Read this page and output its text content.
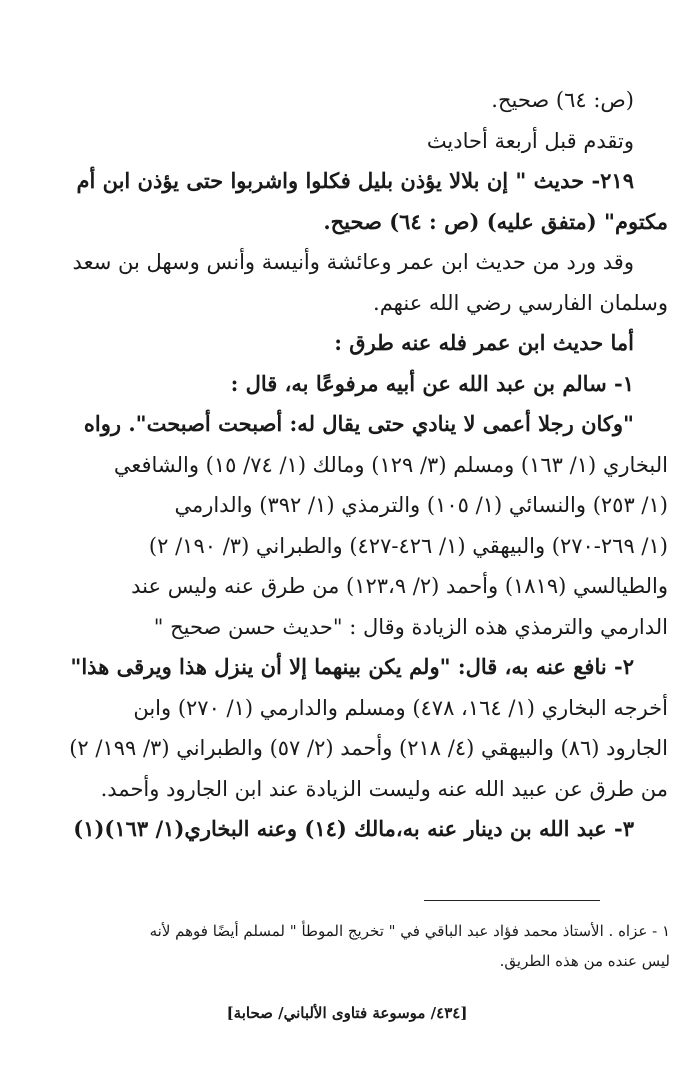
(ص: ٦٤) صحيح.

وتقدم قبل أربعة أحاديث

٢١٩- حديث " إن بلالا يؤذن بليل فكلوا واشربوا حتى يؤذن ابن أم

مكتوم" (متفق عليه) (ص : ٦٤) صحيح.

وقد ورد من حديث ابن عمر وعائشة وأنيسة وأنس وسهل بن سعد

وسلمان الفارسي رضي الله عنهم.

أما حديث ابن عمر فله عنه طرق :

١- سالم بن عبد الله عن أبيه مرفوعًا به، قال :

"وكان رجلا أعمى لا ينادي حتى يقال له: أصبحت أصبحت". رواه

البخاري (١/ ١٦٣) ومسلم (٣/ ١٢٩) ومالك (١/ ٧٤/ ١٥) والشافعي

(١/ ٢٥٣) والنسائي (١/ ١٠٥) والترمذي (١/ ٣٩٢) والدارمي

(١/ ٢٦٩-٢٧٠) والبيهقي (١/ ٤٢٦-٤٢٧) والطبراني (٣/ ١٩٠/ ٢)

والطيالسي (١٨١٩) وأحمد (٢/ ١٢٣،٩) من طرق عنه وليس عند

الدارمي والترمذي هذه الزيادة وقال : "حديث حسن صحيح "

٢- نافع عنه به، قال: "ولم يكن بينهما إلا أن ينزل هذا ويرقى هذا"

أخرجه البخاري (١/ ١٦٤، ٤٧٨) ومسلم والدارمي (١/ ٢٧٠) وابن

الجارود (٨٦) والبيهقي (٤/ ٢١٨) وأحمد (٢/ ٥٧) والطبراني (٣/ ١٩٩/ ٢)

من طرق عن عبيد الله عنه وليست الزيادة عند ابن الجارود وأحمد.

٣- عبد الله بن دينار عنه به،مالك (١٤) وعنه البخاري(١/ ١٦٣)(١)

١ - عزاه . الأستاذ محمد فؤاد عبد الباقي في " تخريج الموطأ " لمسلم أيضًا فوهم لأنه

ليس عنده من هذه الطريق.

[٤٣٤/ موسوعة فتاوى الألباني/ صحابة]
